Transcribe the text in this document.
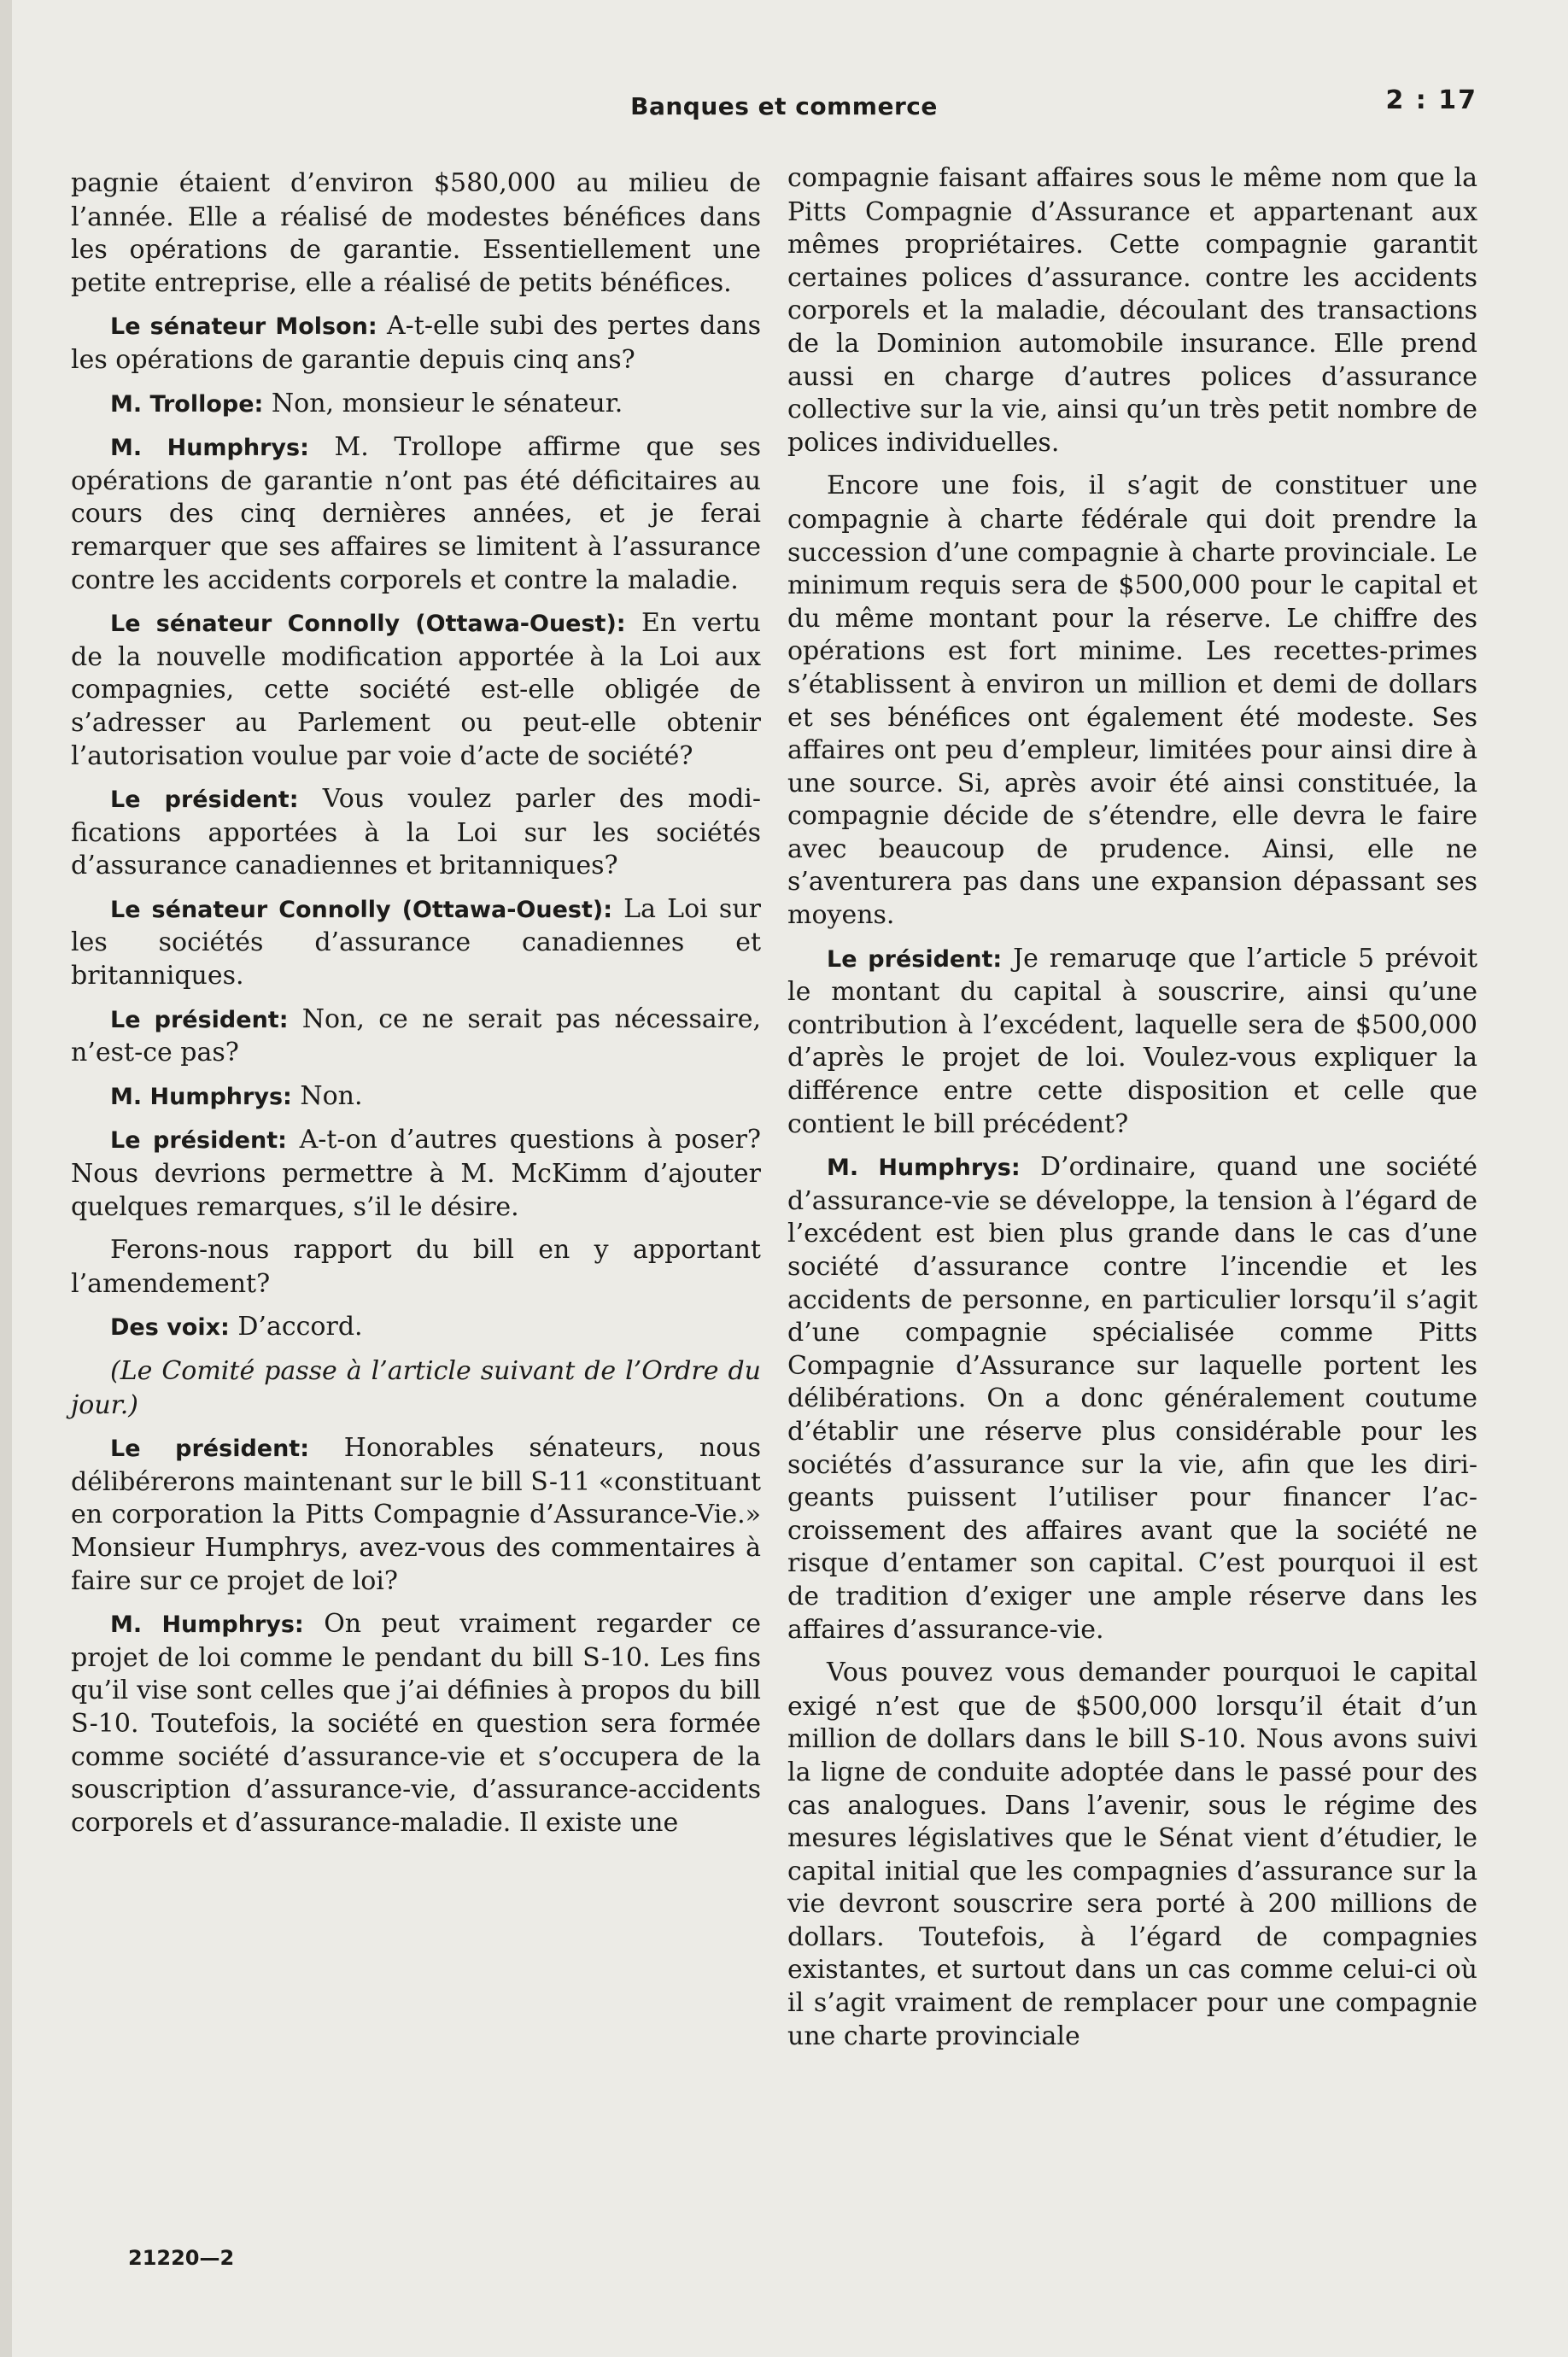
Banques et commerce	2 : 17

pagnie étaient d’environ $580,000 au milieu de l’année. Elle a réalisé de modestes bénéfices dans les opérations de garantie. Essentiellement une petite entreprise, elle a réalisé de petits bénéfices.

Le sénateur Molson: A-t-elle subi des pertes dans les opérations de garantie depuis cinq ans?

M. Trollope: Non, monsieur le sénateur.

M. Humphrys: M. Trollope affirme que ses opérations de garantie n’ont pas été déficitaires au cours des cinq dernières années, et je ferai remarquer que ses affaires se limitent à l’assurance contre les accidents corporels et contre la maladie.

Le sénateur Connolly (Ottawa-Ouest): En vertu de la nouvelle modification apportée à la Loi aux compagnies, cette société est-elle obligée de s’adresser au Parlement ou peut-elle obtenir l’autorisation voulue par voie d’acte de société?

Le président: Vous voulez parler des modifications apportées à la Loi sur les sociétés d’assurance canadiennes et britanniques?

Le sénateur Connolly (Ottawa-Ouest): La Loi sur les sociétés d’assurance canadiennes et britanniques.

Le président: Non, ce ne serait pas nécessaire, n’est-ce pas?

M. Humphrys: Non.

Le président: A-t-on d’autres questions à poser? Nous devrions permettre à M. McKimm d’ajouter quelques remarques, s’il le désire.

Ferons-nous rapport du bill en y apportant l’amendement?

Des voix: D’accord.

(Le Comité passe à l’article suivant de l’Ordre du jour.)

Le président: Honorables sénateurs, nous délibérerons maintenant sur le bill S-11 «constituant en corporation la Pitts Compagnie d’Assurance-Vie.» Monsieur Humphrys, avez-vous des commentaires à faire sur ce projet de loi?

M. Humphrys: On peut vraiment regarder ce projet de loi comme le pendant du bill S-10. Les fins qu’il vise sont celles que j’ai définies à propos du bill S-10. Toutefois, la société en question sera formée comme société d’assurance-vie et s’occupera de la souscription d’assurance-vie, d’assurance-accidents corporels et d’assurance-maladie. Il existe une

compagnie faisant affaires sous le même nom que la Pitts Compagnie d’Assurance et appartenant aux mêmes propriétaires. Cette compagnie garantit certaines polices d’assurance. contre les accidents corporels et la maladie, découlant des transactions de la Dominion automobile insurance. Elle prend aussi en charge d’autres polices d’assurance collective sur la vie, ainsi qu’un très petit nombre de polices individuelles.

Encore une fois, il s’agit de constituer une compagnie à charte fédérale qui doit prendre la succession d’une compagnie à charte provinciale. Le minimum requis sera de $500,000 pour le capital et du même montant pour la réserve. Le chiffre des opérations est fort minime. Les recettes-primes s’établissent à environ un million et demi de dollars et ses bénéfices ont également été modeste. Ses affaires ont peu d’empleur, limitées pour ainsi dire à une source. Si, après avoir été ainsi constituée, la compagnie décide de s’étendre, elle devra le faire avec beaucoup de prudence. Ainsi, elle ne s’aventurera pas dans une expansion dépassant ses moyens.

Le président: Je remaruqe que l’article 5 prévoit le montant du capital à souscrire, ainsi qu’une contribution à l’excédent, laquelle sera de $500,000 d’après le projet de loi. Voulez-vous expliquer la différence entre cette disposition et celle que contient le bill précédent?

M. Humphrys: D’ordinaire, quand une société d’assurance-vie se développe, la tension à l’égard de l’excédent est bien plus grande dans le cas d’une société d’assurance contre l’incendie et les accidents de personne, en particulier lorsqu’il s’agit d’une compagnie spécialisée comme Pitts Compagnie d’Assurance sur laquelle portent les délibérations. On a donc généralement coutume d’établir une réserve plus considérable pour les sociétés d’assurance sur la vie, afin que les dirigeants puissent l’utiliser pour financer l’accroissement des affaires avant que la société ne risque d’entamer son capital. C’est pourquoi il est de tradition d’exiger une ample réserve dans les affaires d’assurance-vie.

Vous pouvez vous demander pourquoi le capital exigé n’est que de $500,000 lorsqu’il était d’un million de dollars dans le bill S-10. Nous avons suivi la ligne de conduite adoptée dans le passé pour des cas analogues. Dans l’avenir, sous le régime des mesures législatives que le Sénat vient d’étudier, le capital initial que les compagnies d’assurance sur la vie devront souscrire sera porté à 200 millions de dollars. Toutefois, à l’égard de compagnies existantes, et surtout dans un cas comme celui-ci où il s’agit vraiment de remplacer pour une compagnie une charte provinciale

21220—2
